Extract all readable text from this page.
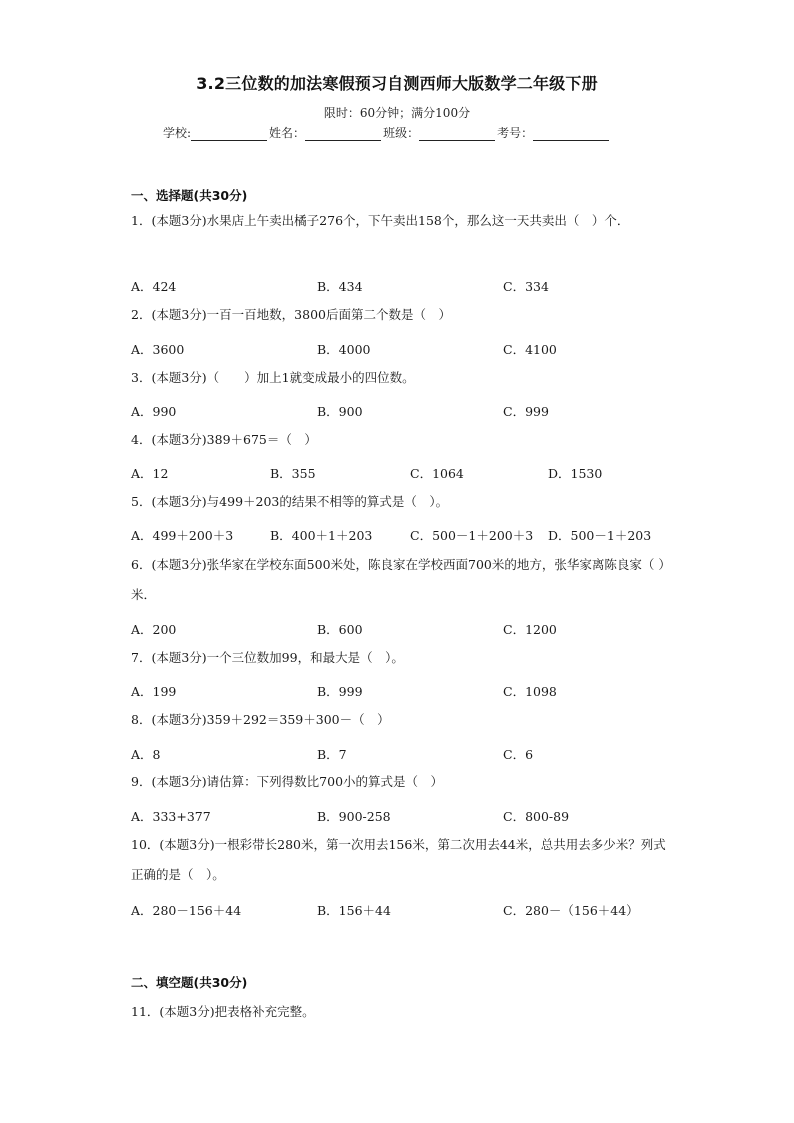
3.2三位数的加法寒假预习自测西师大版数学二年级下册
限时：60分钟；满分100分
学校:	姓名：	班级：	考号：
一、选择题(共30分)
1．(本题3分)水果店上午卖出橘子276个，下午卖出158个，那么这一天共卖出（　）个．
A．424	B．434	C．334
2．(本题3分)一百一百地数，3800后面第二个数是（　）
A．3600	B．4000	C．4100
3．(本题3分)（　　）加上1就变成最小的四位数。
A．990	B．900	C．999
4．(本题3分)389＋675＝（　）
A．12	B．355	C．1064	D．1530
5．(本题3分)与499＋203的结果不相等的算式是（　）。
A．499＋200＋3	B．400＋1＋203	C．500－1＋200＋3 D．500－1＋203
6．(本题3分)张华家在学校东面500米处，陈良家在学校西面700米的地方，张华家离陈良家（ ）米．
A．200	B．600	C．1200
7．(本题3分)一个三位数加99，和最大是（　）。
A．199	B．999	C．1098
8．(本题3分)359＋292＝359＋300－（　）
A．8	B．7	C．6
9．(本题3分)请估算：下列得数比700小的算式是（　）
A．333+377	B．900-258	C．800-89
10．(本题3分)一根彩带长280米，第一次用去156米，第二次用去44米，总共用去多少米？列式正确的是（　）。
A．280－156＋44	B．156＋44	C．280－（156＋44）
二、填空题(共30分)
11．(本题3分)把表格补充完整。
